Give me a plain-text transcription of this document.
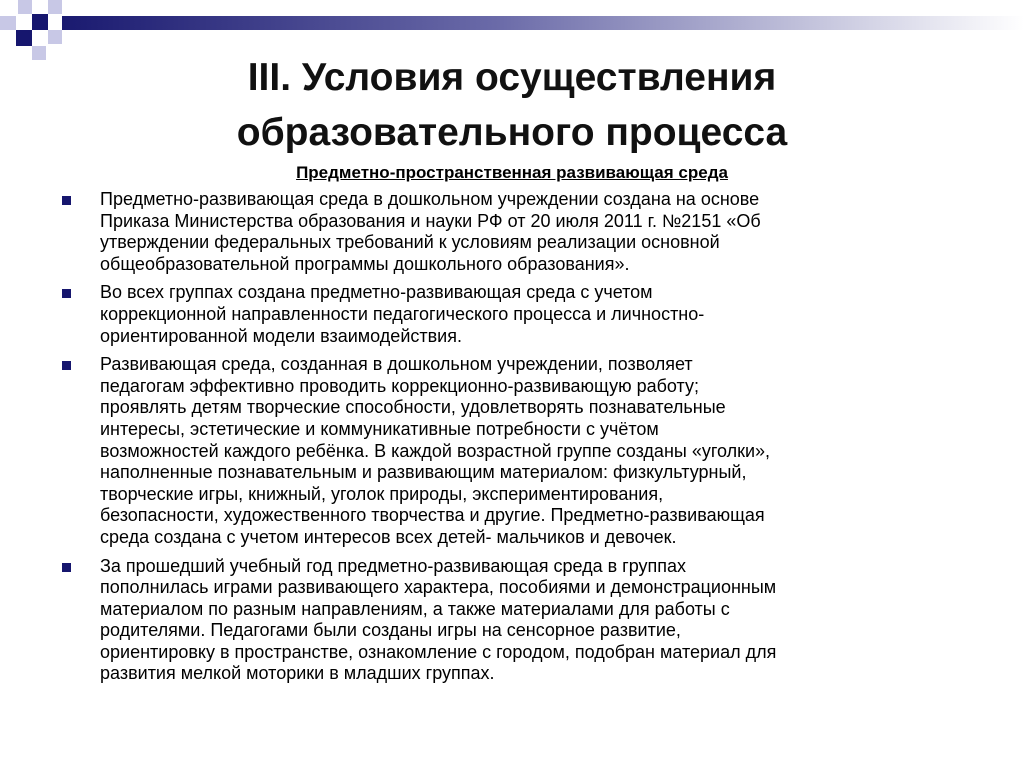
III. Условия осуществления
образовательного процесса

Предметно-пространственная развивающая среда

Предметно-развивающая среда в дошкольном учреждении создана на основе
Приказа Министерства образования и науки РФ от 20 июля 2011 г. №2151 «Об
утверждении федеральных требований к условиям реализации основной
общеобразовательной программы дошкольного образования».
Во всех группах создана предметно-развивающая среда с учетом
коррекционной направленности педагогического процесса и личностно-
ориентированной модели взаимодействия.
Развивающая среда, созданная в дошкольном учреждении, позволяет
педагогам эффективно проводить коррекционно-развивающую работу;
проявлять детям творческие способности, удовлетворять познавательные
интересы, эстетические и коммуникативные потребности с учётом
возможностей каждого ребёнка. В каждой возрастной группе созданы «уголки»,
наполненные познавательным и развивающим материалом: физкультурный,
творческие игры, книжный, уголок природы, экспериментирования,
безопасности, художественного творчества и другие. Предметно-развивающая
среда создана с учетом интересов всех детей- мальчиков и девочек.
За прошедший учебный год предметно-развивающая среда в группах
пополнилась играми развивающего характера, пособиями и демонстрационным
материалом по разным направлениям, а также материалами для работы с
родителями. Педагогами были созданы игры на сенсорное развитие,
ориентировку в пространстве, ознакомление с городом, подобран материал для
развития мелкой моторики в младших группах.
